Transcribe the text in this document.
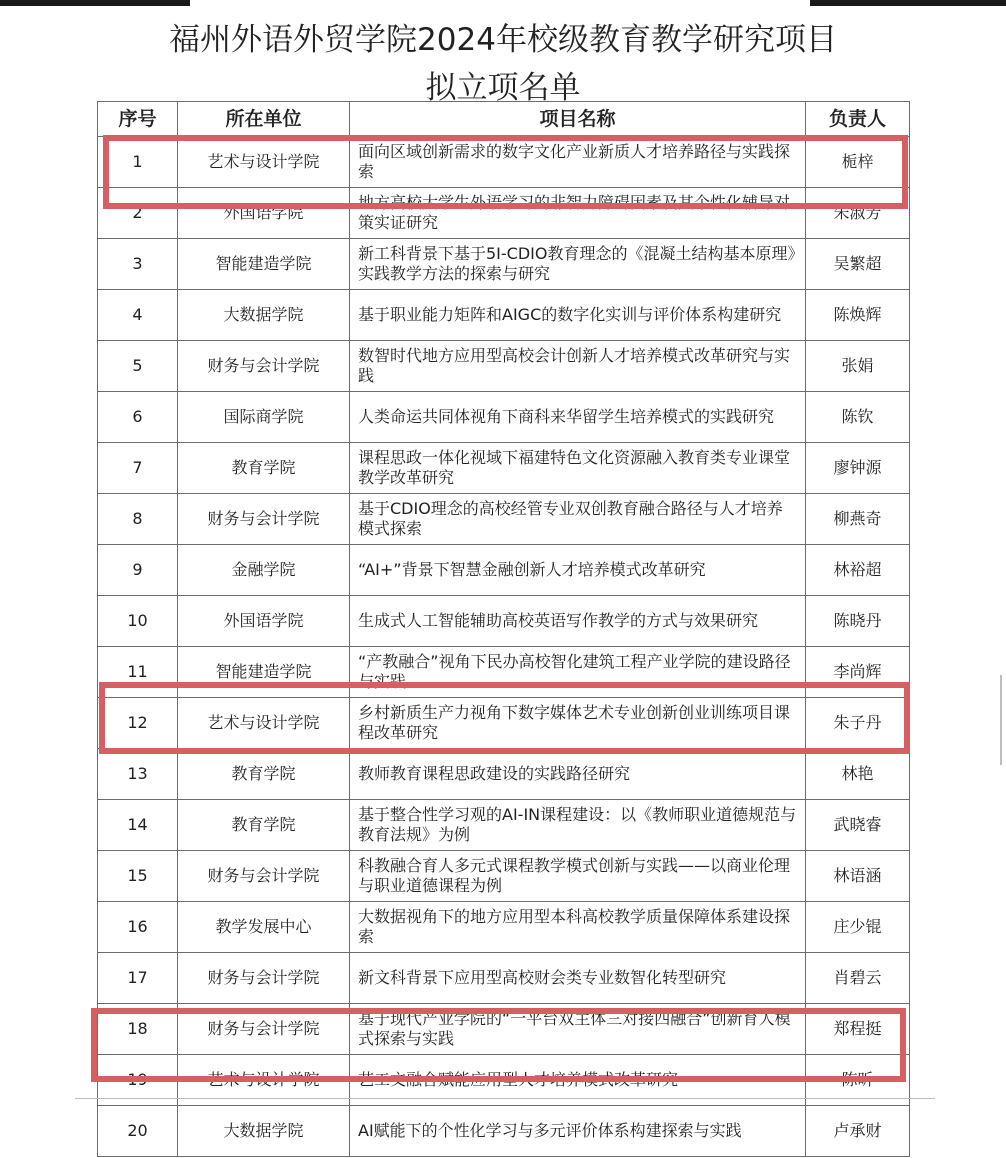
福州外语外贸学院2024年校级教育教学研究项目
拟立项名单
序号	所在单位	项目名称	负责人
1	艺术与设计学院	面向区域创新需求的数字文化产业新质人才培养路径与实践探索	栀梓
2	外国语学院	地方高校大学生外语学习的非智力障碍因素及其个性化辅导对策实证研究	朱淑芳
3	智能建造学院	新工科背景下基于5I-CDIO教育理念的《混凝土结构基本原理》实践教学方法的探索与研究	吴繁超
4	大数据学院	基于职业能力矩阵和AIGC的数字化实训与评价体系构建研究	陈焕辉
5	财务与会计学院	数智时代地方应用型高校会计创新人才培养模式改革研究与实践	张娟
6	国际商学院	人类命运共同体视角下商科来华留学生培养模式的实践研究	陈钦
7	教育学院	课程思政一体化视域下福建特色文化资源融入教育类专业课堂教学改革研究	廖钟源
8	财务与会计学院	基于CDIO理念的高校经管专业双创教育融合路径与人才培养模式探索	柳燕奇
9	金融学院	“AI+”背景下智慧金融创新人才培养模式改革研究	林裕超
10	外国语学院	生成式人工智能辅助高校英语写作教学的方式与效果研究	陈晓丹
11	智能建造学院	“产教融合”视角下民办高校智化建筑工程产业学院的建设路径与实践	李尚辉
12	艺术与设计学院	乡村新质生产力视角下数字媒体艺术专业创新创业训练项目课程改革研究	朱子丹
13	教育学院	教师教育课程思政建设的实践路径研究	林艳
14	教育学院	基于整合性学习观的AI-IN课程建设：以《教师职业道德规范与教育法规》为例	武晓睿
15	财务与会计学院	科教融合育人多元式课程教学模式创新与实践——以商业伦理与职业道德课程为例	林语涵
16	教学发展中心	大数据视角下的地方应用型本科高校教学质量保障体系建设探索	庄少锟
17	财务与会计学院	新文科背景下应用型高校财会类专业数智化转型研究	肖碧云
18	财务与会计学院	基于现代产业学院的“一平台双主体三对接四融合”创新育人模式探索与实践	郑程挺
19	艺术与设计学院	艺工文融合赋能应用型人才培养模式改革研究	陈昕
20	大数据学院	AI赋能下的个性化学习与多元评价体系构建探索与实践	卢承财
